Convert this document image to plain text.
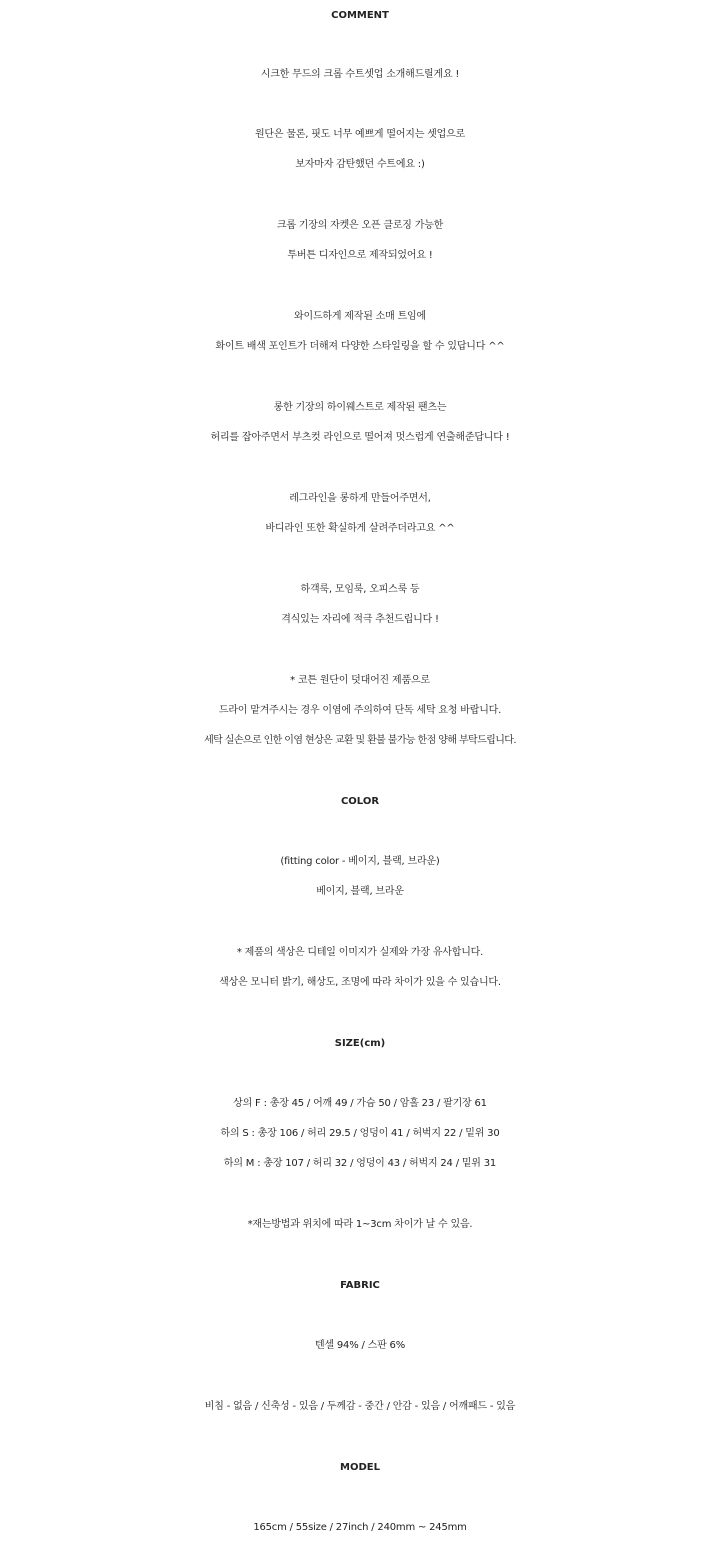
COMMENT
시크한 무드의 크롭 수트셋업 소개해드릴게요 !
원단은 물론, 핏도 너무 예쁘게 떨어지는 셋업으로
보자마자 감탄했던 수트에요 :)
크롭 기장의 자켓은 오픈 클로징 가능한
투버튼 디자인으로 제작되었어요 !
와이드하게 제작된 소매 트임에
화이트 배색 포인트가 더해져 다양한 스타일링을 할 수 있답니다 ^^
롱한 기장의 하이웨스트로 제작된 팬츠는
허리를 잡아주면서 부츠컷 라인으로 떨어져 멋스럽게 연출해준답니다 !
레그라인을 롱하게 만들어주면서,
바디라인 또한 확실하게 살려주더라고요 ^^
하객룩, 모임룩, 오피스룩 등
격식있는 자리에 적극 추천드립니다 !
* 코튼 원단이 덧대어진 제품으로
드라이 맡겨주시는 경우 이염에 주의하여 단독 세탁 요청 바랍니다.
세탁 실손으로 인한 이염 현상은 교환 및 환불 불가능 한점 양해 부탁드립니다.
COLOR
(fitting color - 베이지, 블랙, 브라운)
베이지, 블랙, 브라운
* 제품의 색상은 디테일 이미지가 실제와 가장 유사합니다.
색상은 모니터 밝기, 해상도, 조명에 따라 차이가 있을 수 있습니다.
SIZE(cm)
상의 F : 총장 45 / 어깨 49 / 가슴 50 / 암홀 23 / 팔기장 61
하의 S : 총장 106 / 허리 29.5 / 엉덩이 41 / 허벅지 22 / 밑위 30
하의 M : 총장 107 / 허리 32 / 엉덩이 43 / 허벅지 24 / 밑위 31
*재는방법과 위치에 따라 1~3cm 차이가 날 수 있음.
FABRIC
텐셀 94% / 스판 6%
비침 - 없음 / 신축성 - 있음 / 두께감 - 중간 / 안감 - 있음 / 어깨패드 - 있음
MODEL
165cm / 55size / 27inch / 240mm ~ 245mm
